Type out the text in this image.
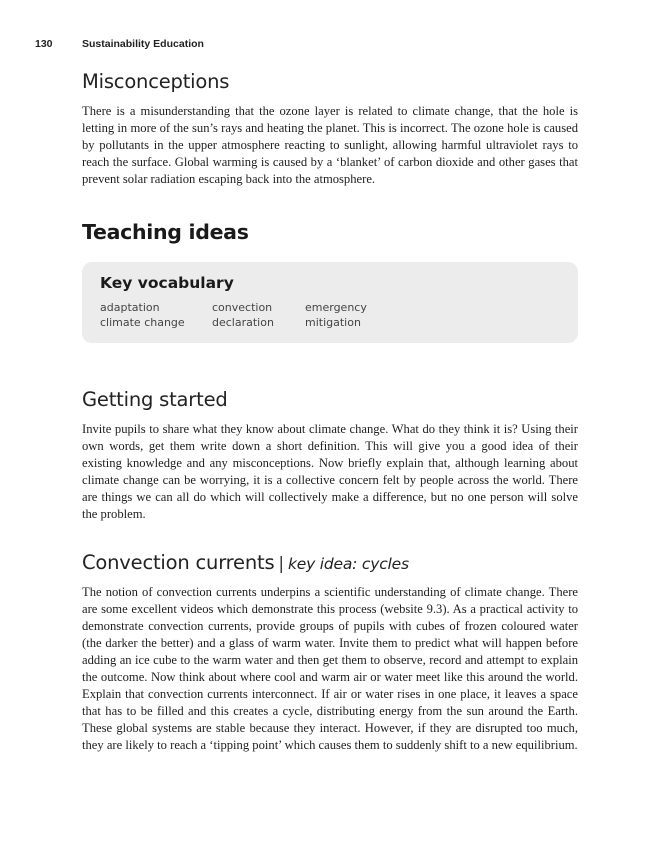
130	Sustainability Education
Misconceptions

There is a misunderstanding that the ozone layer is related to climate change, that the hole is letting in more of the sun’s rays and heating the planet. This is incorrect. The ozone hole is caused by pollutants in the upper atmosphere reacting to sunlight, allowing harmful ultraviolet rays to reach the surface. Global warming is caused by a ‘blanket’ of carbon dioxide and other gases that prevent solar radiation escaping back into the atmosphere.

Teaching ideas
Key vocabulary
adaptation	convection	emergency
climate change	declaration	mitigation
Getting started

Invite pupils to share what they know about climate change. What do they think it is? Using their own words, get them write down a short definition. This will give you a good idea of their existing knowledge and any misconceptions. Now briefly explain that, although learning about climate change can be worrying, it is a collective concern felt by people across the world. There are things we can all do which will collectively make a difference, but no one person will solve the problem.

Convection currents | key idea: cycles

The notion of convection currents underpins a scientific understanding of climate change. There are some excellent videos which demonstrate this process (website 9.3). As a practical activity to demonstrate convection currents, provide groups of pupils with cubes of frozen coloured water (the darker the better) and a glass of warm water. Invite them to predict what will happen before adding an ice cube to the warm water and then get them to observe, record and attempt to explain the outcome. Now think about where cool and warm air or water meet like this around the world. Explain that convection currents interconnect. If air or water rises in one place, it leaves a space that has to be filled and this creates a cycle, distributing energy from the sun around the Earth. These global systems are stable because they interact. However, if they are disrupted too much, they are likely to reach a ‘tipping point’ which causes them to suddenly shift to a new equilibrium.
